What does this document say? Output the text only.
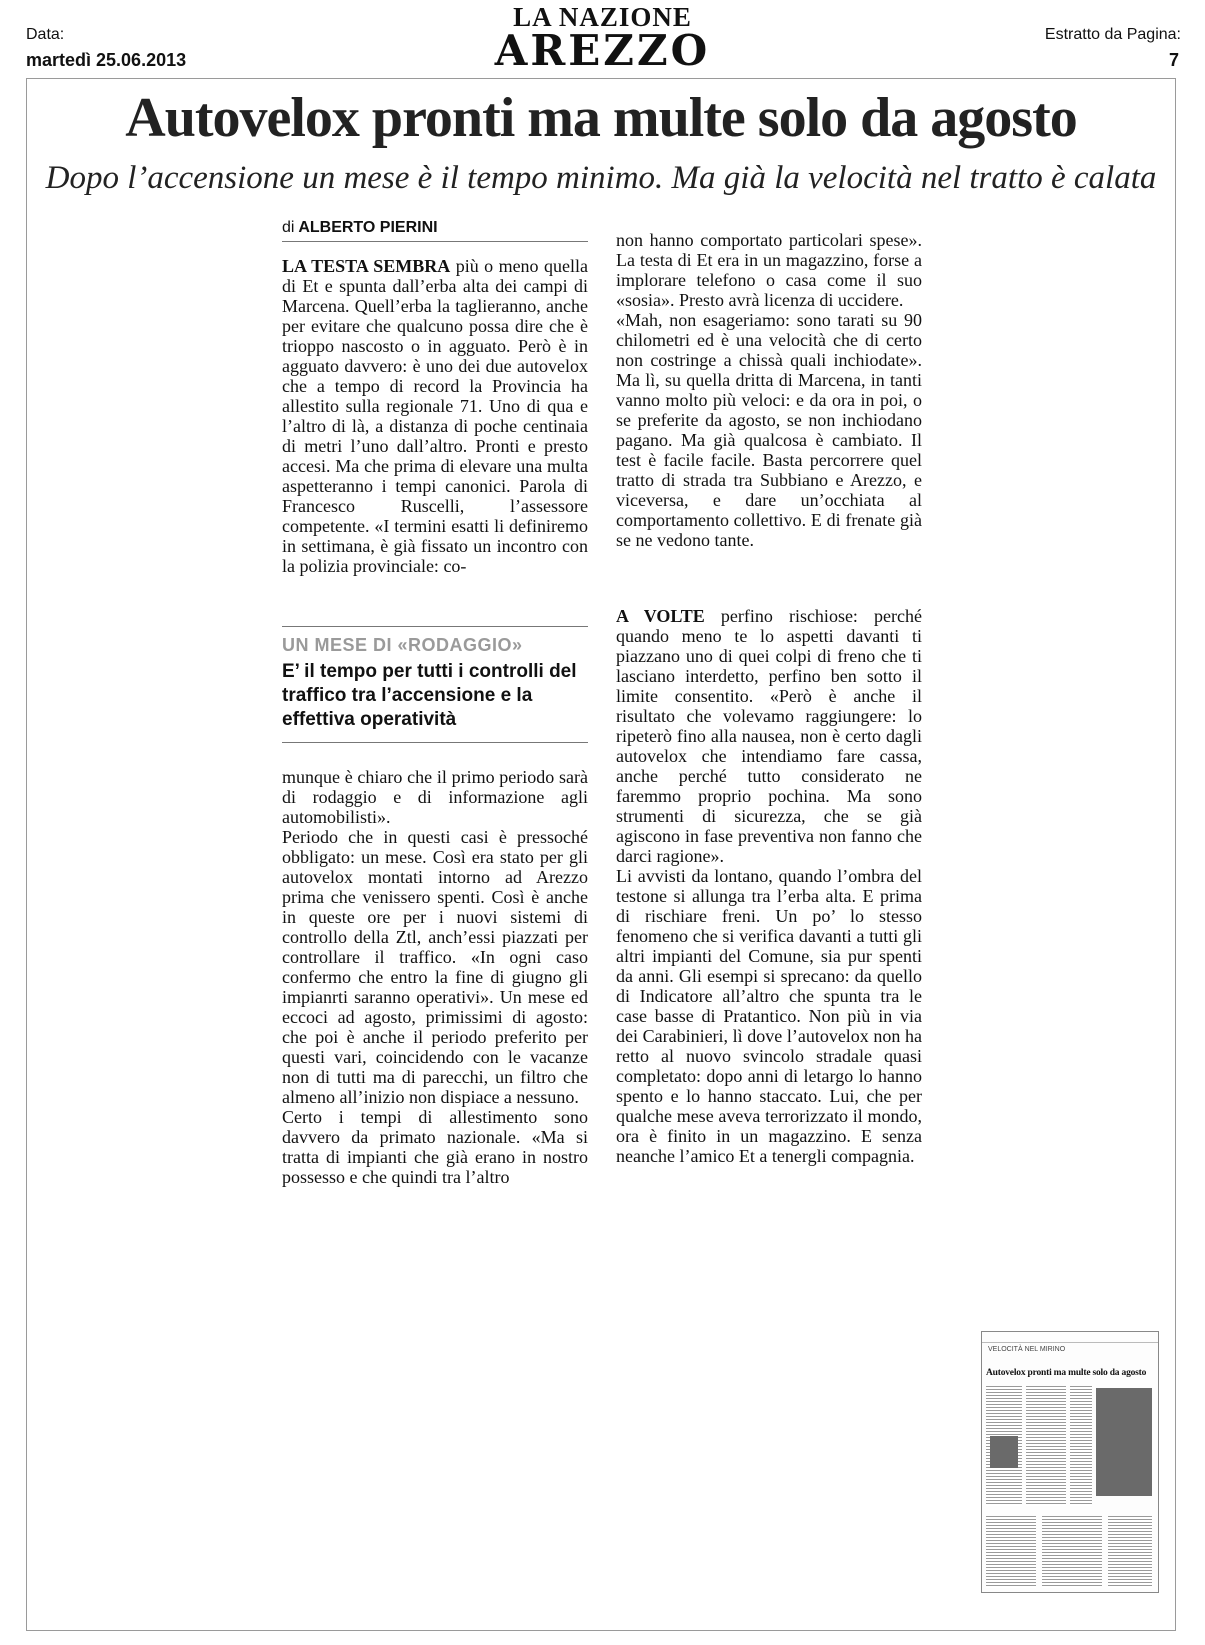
Data:
martedì 25.06.2013
Estratto da Pagina:
7
LA NAZIONE
AREZZO
Autovelox pronti ma multe solo da agosto
Dopo l’accensione un mese è il tempo minimo. Ma già la velocità nel tratto è calata
di ALBERTO PIERINI

LA TESTA SEMBRA più o meno quella di Et e spunta dall’erba alta dei campi di Marcena. Quell’erba la taglieranno, anche per evitare che qualcuno possa dire che è trioppo nascosto o in agguato. Però è in agguato davvero: è uno dei due autovelox che a tempo di record la Provincia ha allestito sulla regionale 71. Uno di qua e l’altro di là, a distanza di poche centinaia di metri l’uno dall’altro. Pronti e presto accesi. Ma che prima di elevare una multa aspetteranno i tempi canonici. Parola di Francesco Ruscelli, l’assessore competente. «I termini esatti li definiremo in settimana, è già fissato un incontro con la polizia provinciale: co-

UN MESE DI «RODAGGIO»
E’ il tempo per tutti i controlli del traffico tra l’accensione e la effettiva operatività

munque è chiaro che il primo periodo sarà di rodaggio e di informazione agli automobilisti».

Periodo che in questi casi è pressoché obbligato: un mese. Così era stato per gli autovelox montati intorno ad Arezzo prima che venissero spenti. Così è anche in queste ore per i nuovi sistemi di controllo della Ztl, anch’essi piazzati per controllare il traffico. «In ogni caso confermo che entro la fine di giugno gli impianrti saranno operativi». Un mese ed eccoci ad agosto, primissimi di agosto: che poi è anche il periodo preferito per questi vari, coincidendo con le vacanze non di tutti ma di parecchi, un filtro che almeno all’inizio non dispiace a nessuno.

Certo i tempi di allestimento sono davvero da primato nazionale. «Ma si tratta di impianti che già erano in nostro possesso e che quindi tra l’altro

non hanno comportato particolari spese». La testa di Et era in un magazzino, forse a implorare telefono o casa come il suo «sosia». Presto avrà licenza di uccidere.

«Mah, non esageriamo: sono tarati su 90 chilometri ed è una velocità che di certo non costringe a chissà quali inchiodate». Ma lì, su quella dritta di Marcena, in tanti vanno molto più veloci: e da ora in poi, o se preferite da agosto, se non inchiodano pagano. Ma già qualcosa è cambiato. Il test è facile facile. Basta percorrere quel tratto di strada tra Subbiano e Arezzo, e viceversa, e dare un’occhiata al comportamento collettivo. E di frenate già se ne vedono tante.

A VOLTE perfino rischiose: perché quando meno te lo aspetti davanti ti piazzano uno di quei colpi di freno che ti lasciano interdetto, perfino ben sotto il limite consentito. «Però è anche il risultato che volevamo raggiungere: lo ripeterò fino alla nausea, non è certo dagli autovelox che intendiamo fare cassa, anche perché tutto considerato ne faremmo proprio pochina. Ma sono strumenti di sicurezza, che se già agiscono in fase preventiva non fanno che darci ragione».

Li avvisti da lontano, quando l’ombra del testone si allunga tra l’erba alta. E prima di rischiare freni. Un po’ lo stesso fenomeno che si verifica davanti a tutti gli altri impianti del Comune, sia pur spenti da anni. Gli esempi si sprecano: da quello di Indicatore all’altro che spunta tra le case basse di Pratantico. Non più in via dei Carabinieri, lì dove l’autovelox non ha retto al nuovo svincolo stradale quasi completato: dopo anni di letargo lo hanno spento e lo hanno staccato. Lui, che per qualche mese aveva terrorizzato il mondo, ora è finito in un magazzino. E senza neanche l’amico Et a tenergli compagnia.

VELOCITÀ NEL MIRINO
Autovelox pronti ma multe solo da agosto
